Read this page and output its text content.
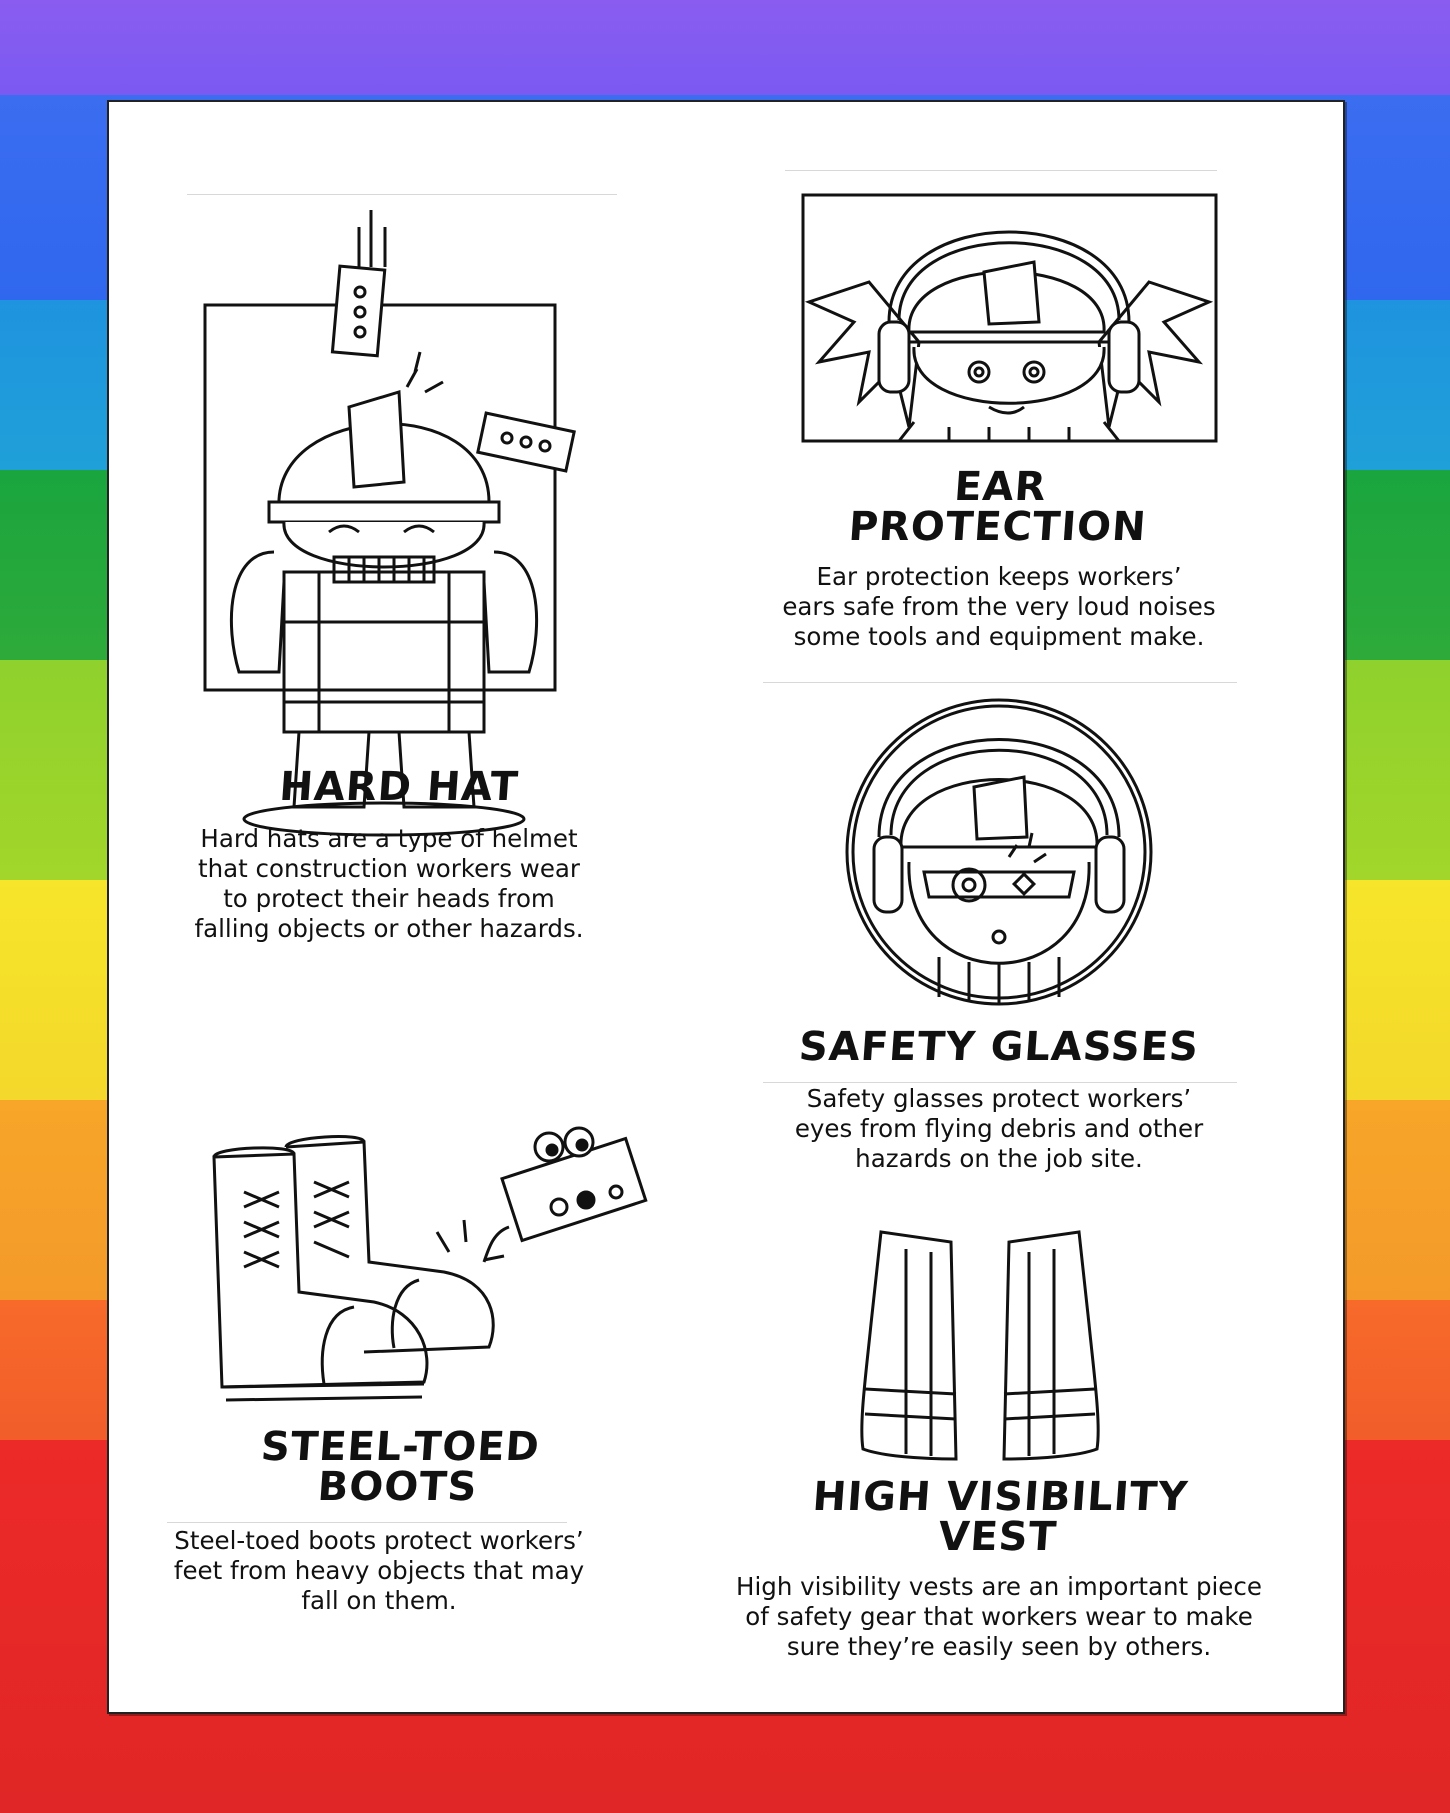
HARD HAT

Hard hats are a type of helmet
that construction workers wear
to protect their heads from
falling objects or other hazards.

EAR
PROTECTION

Ear protection keeps workers’
ears safe from the very loud noises
some tools and equipment make.

SAFETY GLASSES

Safety glasses protect workers’
eyes from flying debris and other
hazards on the job site.

STEEL-TOED
BOOTS

Steel-toed boots protect workers’
feet from heavy objects that may
fall on them.

HIGH VISIBILITY
VEST

High visibility vests are an important piece
of safety gear that workers wear to make
sure they’re easily seen by others.
